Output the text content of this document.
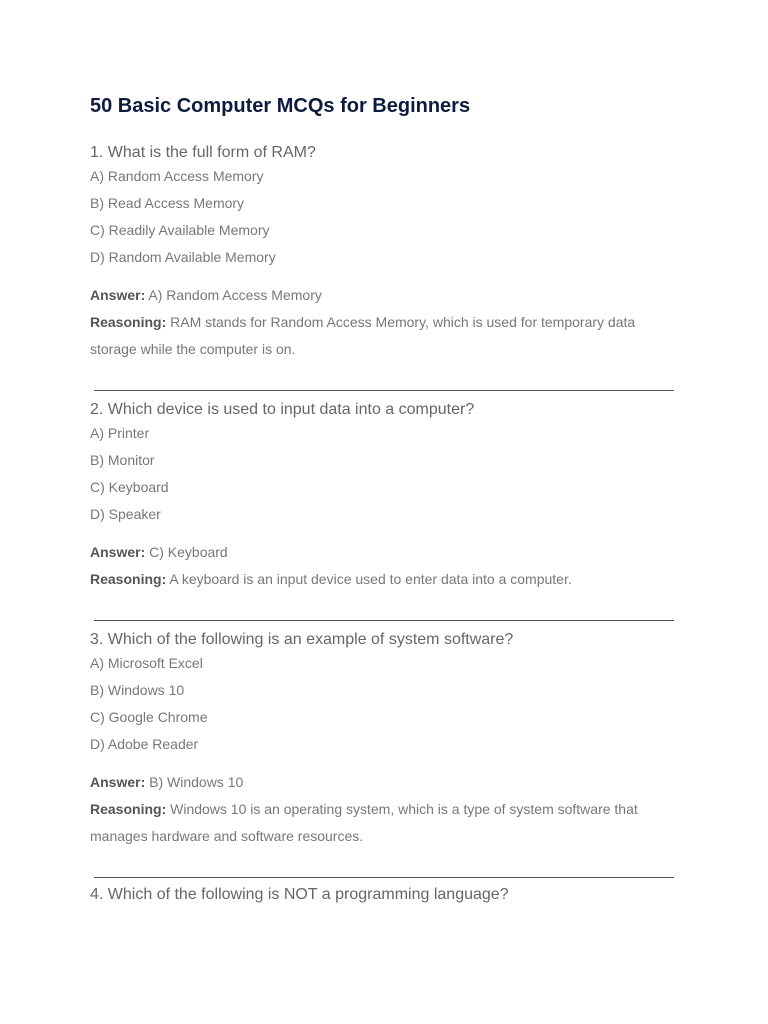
50 Basic Computer MCQs for Beginners

1. What is the full form of RAM?

A) Random Access Memory
B) Read Access Memory
C) Readily Available Memory
D) Random Available Memory
Answer: A) Random Access Memory
Reasoning: RAM stands for Random Access Memory, which is used for temporary data storage while the computer is on.

2. Which device is used to input data into a computer?

A) Printer
B) Monitor
C) Keyboard
D) Speaker
Answer: C) Keyboard
Reasoning: A keyboard is an input device used to enter data into a computer.

3. Which of the following is an example of system software?

A) Microsoft Excel
B) Windows 10
C) Google Chrome
D) Adobe Reader
Answer: B) Windows 10
Reasoning: Windows 10 is an operating system, which is a type of system software that manages hardware and software resources.

4. Which of the following is NOT a programming language?
